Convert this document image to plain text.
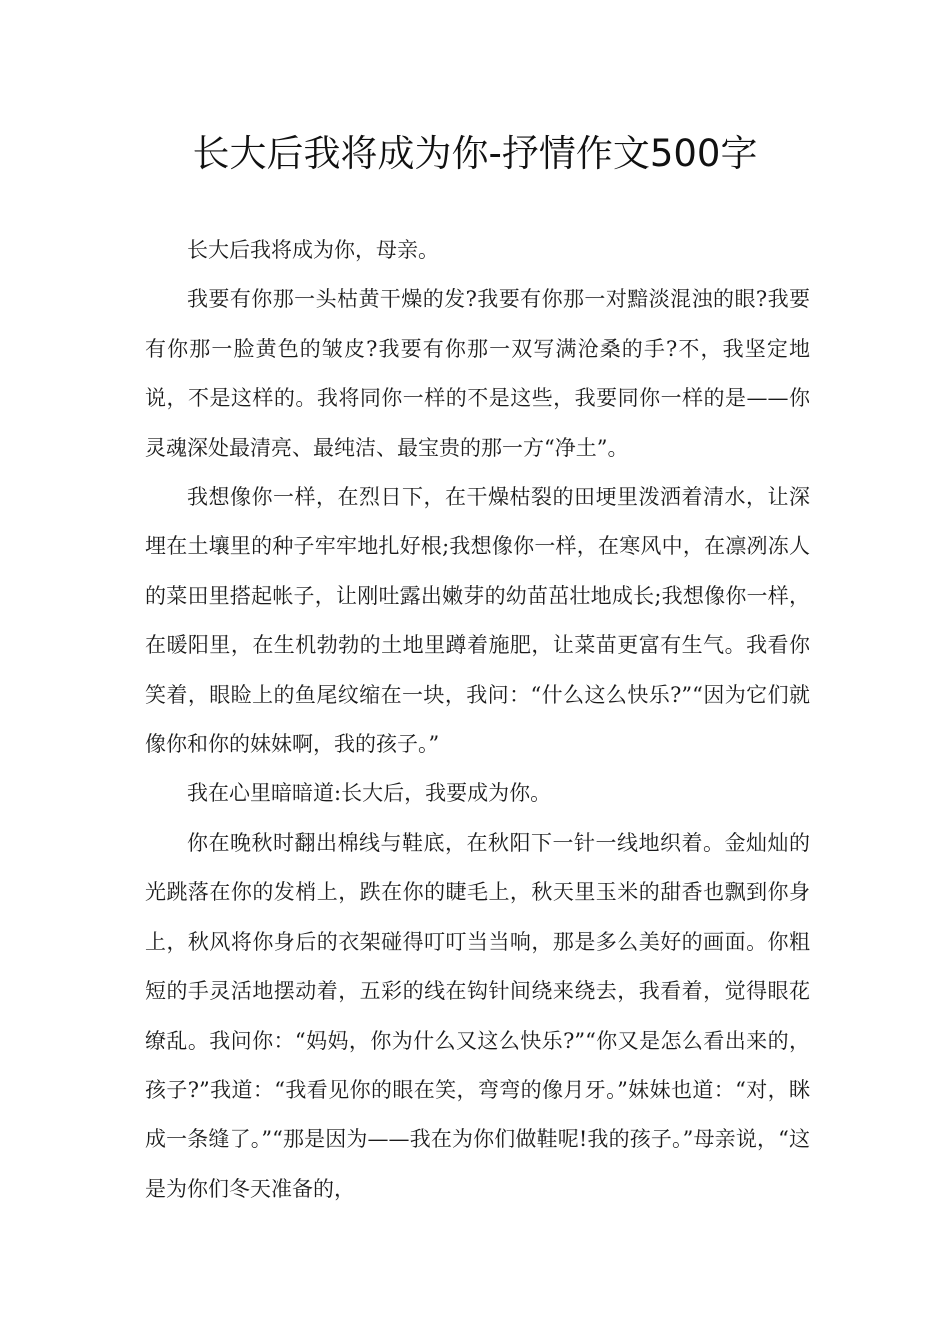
长大后我将成为你-抒情作文500字

长大后我将成为你，母亲。

我要有你那一头枯黄干燥的发?我要有你那一对黯淡混浊的眼?我要有你那一脸黄色的皱皮?我要有你那一双写满沧桑的手?不，我坚定地说，不是这样的。我将同你一样的不是这些，我要同你一样的是——你灵魂深处最清亮、最纯洁、最宝贵的那一方“净土”。

我想像你一样，在烈日下，在干燥枯裂的田埂里泼洒着清水，让深埋在土壤里的种子牢牢地扎好根;我想像你一样，在寒风中，在凛冽冻人的菜田里搭起帐子，让刚吐露出嫩芽的幼苗茁壮地成长;我想像你一样，在暖阳里，在生机勃勃的土地里蹲着施肥，让菜苗更富有生气。我看你笑着，眼睑上的鱼尾纹缩在一块，我问：“什么这么快乐?”“因为它们就像你和你的妹妹啊，我的孩子。”

我在心里暗暗道:长大后，我要成为你。

你在晚秋时翻出棉线与鞋底，在秋阳下一针一线地织着。金灿灿的光跳落在你的发梢上，跌在你的睫毛上，秋天里玉米的甜香也飘到你身上，秋风将你身后的衣架碰得叮叮当当响，那是多么美好的画面。你粗短的手灵活地摆动着，五彩的线在钩针间绕来绕去，我看着，觉得眼花缭乱。我问你：“妈妈，你为什么又这么快乐?”“你又是怎么看出来的，孩子?”我道：“我看见你的眼在笑，弯弯的像月牙。”妹妹也道：“对，眯成一条缝了。”“那是因为——我在为你们做鞋呢!我的孩子。”母亲说，“这是为你们冬天准备的，
